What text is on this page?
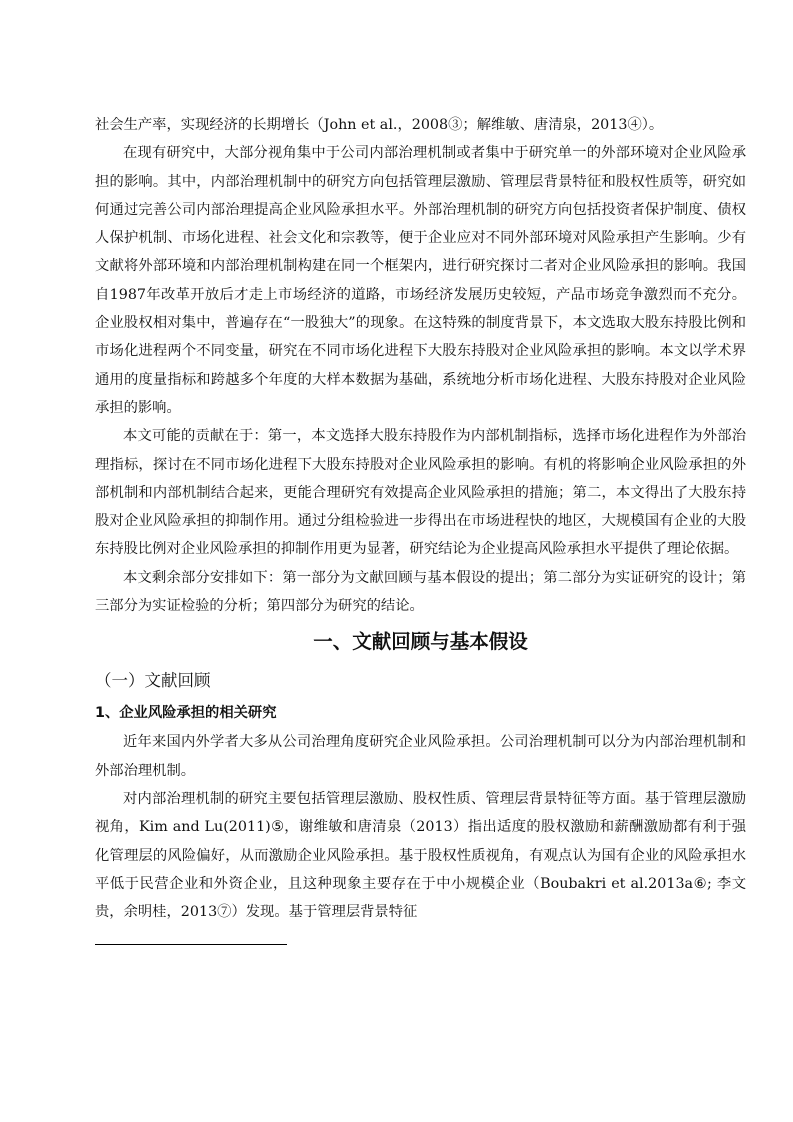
社会生产率，实现经济的长期增长（John et al.，2008③；解维敏、唐清泉，2013④）。

在现有研究中，大部分视角集中于公司内部治理机制或者集中于研究单一的外部环境对企业风险承担的影响。其中，内部治理机制中的研究方向包括管理层激励、管理层背景特征和股权性质等，研究如何通过完善公司内部治理提高企业风险承担水平。外部治理机制的研究方向包括投资者保护制度、债权人保护机制、市场化进程、社会文化和宗教等，便于企业应对不同外部环境对风险承担产生影响。少有文献将外部环境和内部治理机制构建在同一个框架内，进行研究探讨二者对企业风险承担的影响。我国自1987年改革开放后才走上市场经济的道路，市场经济发展历史较短，产品市场竞争激烈而不充分。企业股权相对集中，普遍存在“一股独大”的现象。在这特殊的制度背景下，本文选取大股东持股比例和市场化进程两个不同变量，研究在不同市场化进程下大股东持股对企业风险承担的影响。本文以学术界通用的度量指标和跨越多个年度的大样本数据为基础，系统地分析市场化进程、大股东持股对企业风险承担的影响。

本文可能的贡献在于：第一，本文选择大股东持股作为内部机制指标，选择市场化进程作为外部治理指标，探讨在不同市场化进程下大股东持股对企业风险承担的影响。有机的将影响企业风险承担的外部机制和内部机制结合起来，更能合理研究有效提高企业风险承担的措施；第二，本文得出了大股东持股对企业风险承担的抑制作用。通过分组检验进一步得出在市场进程快的地区，大规模国有企业的大股东持股比例对企业风险承担的抑制作用更为显著，研究结论为企业提高风险承担水平提供了理论依据。

本文剩余部分安排如下：第一部分为文献回顾与基本假设的提出；第二部分为实证研究的设计；第三部分为实证检验的分析；第四部分为研究的结论。

一、文献回顾与基本假设
（一）文献回顾
1、企业风险承担的相关研究

近年来国内外学者大多从公司治理角度研究企业风险承担。公司治理机制可以分为内部治理机制和外部治理机制。

对内部治理机制的研究主要包括管理层激励、股权性质、管理层背景特征等方面。基于管理层激励视角，Kim and Lu(2011)⑤，谢维敏和唐清泉（2013）指出适度的股权激励和薪酬激励都有利于强化管理层的风险偏好，从而激励企业风险承担。基于股权性质视角，有观点认为国有企业的风险承担水平低于民营企业和外资企业，且这种现象主要存在于中小规模企业（Boubakri et al.2013a⑥; 李文贵，余明桂，2013⑦）发现。基于管理层背景特征
